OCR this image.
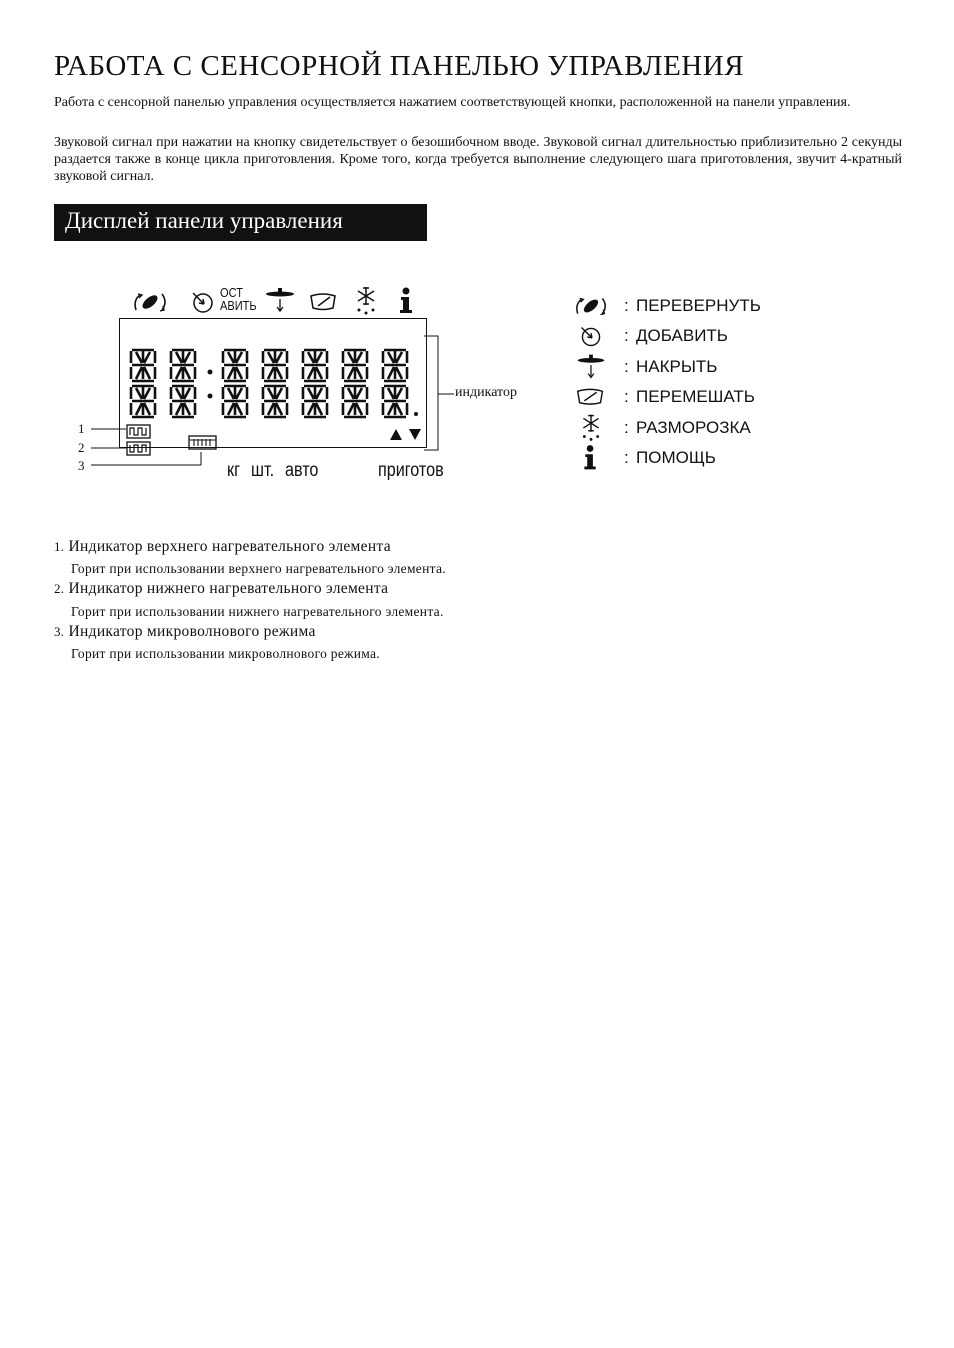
РАБОТА С СЕНСОРНОЙ ПАНЕЛЬЮ УПРАВЛЕНИЯ

Работа с сенсорной панелью управления осуществляется нажатием соответствующей кнопки, расположенной на панели управления.

Звуковой сигнал при нажатии на кнопку свидетельствует о безошибочном вводе. Звуковой сигнал длительностью приблизительно 2 секунды раздается также в конце цикла приготовления. Кроме того, когда требуется выполнение следующего шага приготовления, звучит 4-кратный звуковой сигнал.

Дисплей панели управления
ОСТ
АВИТЬ
1
2
3
индикатор
кг шт. авто	приготов
: ПЕРЕВЕРНУТЬ
: ДОБАВИТЬ
: НАКРЫТЬ
: ПЕРЕМЕШАТЬ
: РАЗМОРОЗКА
: ПОМОЩЬ
1. Индикатор верхнего нагревательного элемента
Горит при использовании верхнего нагревательного элемента.
2. Индикатор нижнего нагревательного элемента
Горит при использовании нижнего нагревательного элемента.
3. Индикатор микроволнового режима
Горит при использовании микроволнового режима.
